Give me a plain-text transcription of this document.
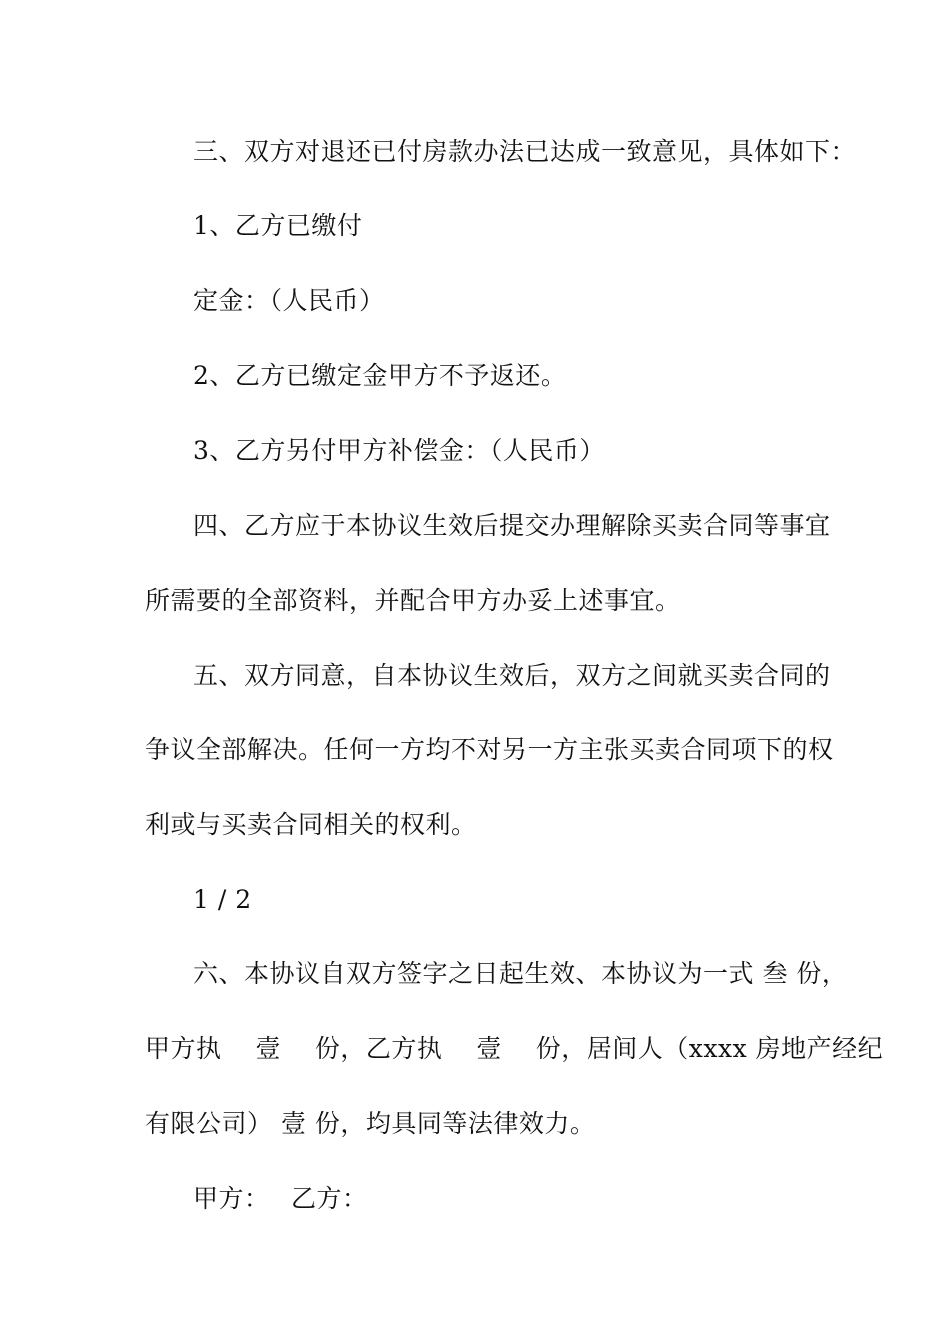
三、双方对退还已付房款办法已达成一致意见，具体如下：
1、乙方已缴付
定金：（人民币）
2、乙方已缴定金甲方不予返还。
3、乙方另付甲方补偿金：（人民币）
四、乙方应于本协议生效后提交办理解除买卖合同等事宜
所需要的全部资料，并配合甲方办妥上述事宜。
五、双方同意，自本协议生效后，双方之间就买卖合同的
争议全部解决。任何一方均不对另一方主张买卖合同项下的权
利或与买卖合同相关的权利。
1 / 2
六、本协议自双方签字之日起生效、本协议为一式 叁 份，
甲方执　 壹　 份，乙方执　 壹　 份，居间人（xxxx 房地产经纪
有限公司） 壹 份，均具同等法律效力。
甲方：　 乙方：
